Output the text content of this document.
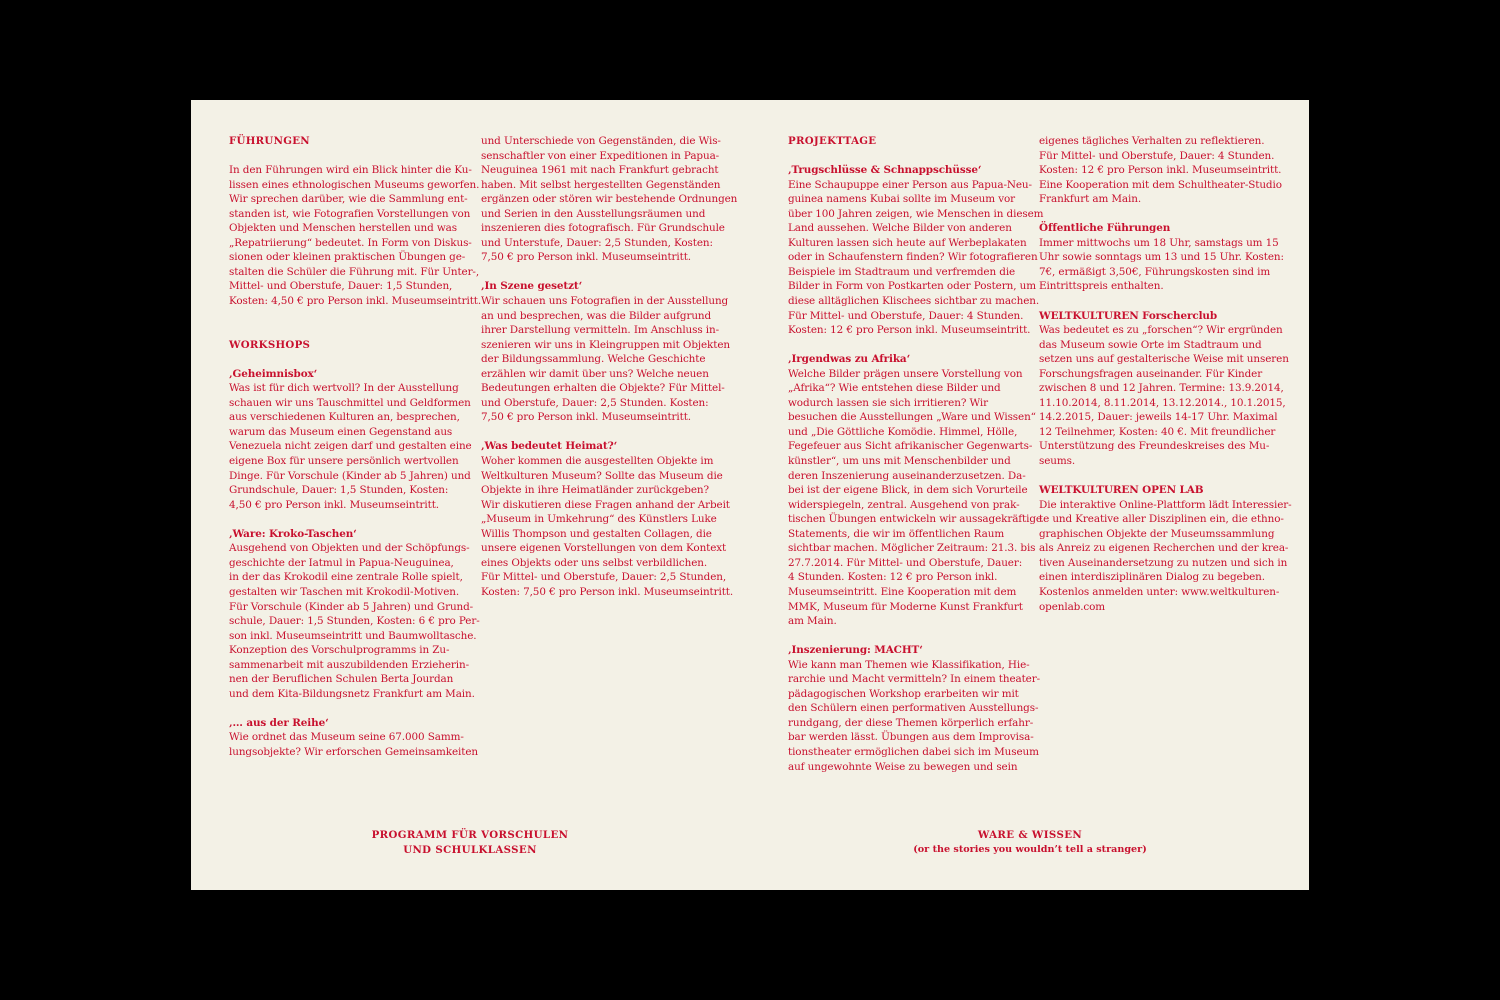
FÜHRUNGEN
In den Führungen wird ein Blick hinter die Ku-
lissen eines ethnologischen Museums geworfen.
Wir sprechen darüber, wie die Sammlung ent-
standen ist, wie Fotografien Vorstellungen von
Objekten und Menschen herstellen und was
„Repatriierung“ bedeutet. In Form von Diskus-
sionen oder kleinen praktischen Übungen ge-
stalten die Schüler die Führung mit. Für Unter-,
Mittel- und Oberstufe, Dauer: 1,5 Stunden,
Kosten: 4,50 € pro Person inkl. Museumseintritt.
WORKSHOPS
‚Geheimnisbox‘
Was ist für dich wertvoll? In der Ausstellung
schauen wir uns Tauschmittel und Geldformen
aus verschiedenen Kulturen an, besprechen,
warum das Museum einen Gegenstand aus
Venezuela nicht zeigen darf und gestalten eine
eigene Box für unsere persönlich wertvollen
Dinge. Für Vorschule (Kinder ab 5 Jahren) und
Grundschule, Dauer: 1,5 Stunden, Kosten:
4,50 € pro Person inkl. Museumseintritt.
‚Ware: Kroko-Taschen‘
Ausgehend von Objekten und der Schöpfungs-
geschichte der Iatmul in Papua-Neuguinea,
in der das Krokodil eine zentrale Rolle spielt,
gestalten wir Taschen mit Krokodil-Motiven.
Für Vorschule (Kinder ab 5 Jahren) und Grund-
schule, Dauer: 1,5 Stunden, Kosten: 6 € pro Per-
son inkl. Museumseintritt und Baumwolltasche.
Konzeption des Vorschulprogramms in Zu-
sammenarbeit mit auszubildenden Erzieherin-
nen der Beruflichen Schulen Berta Jourdan
und dem Kita-Bildungsnetz Frankfurt am Main.
‚… aus der Reihe‘
Wie ordnet das Museum seine 67.000 Samm-
lungsobjekte? Wir erforschen Gemeinsamkeiten
und Unterschiede von Gegenständen, die Wis-
senschaftler von einer Expeditionen in Papua-
Neuguinea 1961 mit nach Frankfurt gebracht
haben. Mit selbst hergestellten Gegenständen
ergänzen oder stören wir bestehende Ordnungen
und Serien in den Ausstellungsräumen und
inszenieren dies fotografisch. Für Grundschule
und Unterstufe, Dauer: 2,5 Stunden, Kosten:
7,50 € pro Person inkl. Museumseintritt.
‚In Szene gesetzt‘
Wir schauen uns Fotografien in der Ausstellung
an und besprechen, was die Bilder aufgrund
ihrer Darstellung vermitteln. Im Anschluss in-
szenieren wir uns in Kleingruppen mit Objekten
der Bildungssammlung. Welche Geschichte
erzählen wir damit über uns? Welche neuen
Bedeutungen erhalten die Objekte? Für Mittel-
und Oberstufe, Dauer: 2,5 Stunden. Kosten:
7,50 € pro Person inkl. Museumseintritt.
‚Was bedeutet Heimat?‘
Woher kommen die ausgestellten Objekte im
Weltkulturen Museum? Sollte das Museum die
Objekte in ihre Heimatländer zurückgeben?
Wir diskutieren diese Fragen anhand der Arbeit
„Museum in Umkehrung“ des Künstlers Luke
Willis Thompson und gestalten Collagen, die
unsere eigenen Vorstellungen von dem Kontext
eines Objekts oder uns selbst verbildlichen.
Für Mittel- und Oberstufe, Dauer: 2,5 Stunden,
Kosten: 7,50 € pro Person inkl. Museumseintritt.
PROJEKTTAGE
‚Trugschlüsse & Schnappschüsse‘
Eine Schaupuppe einer Person aus Papua-Neu-
guinea namens Kubai sollte im Museum vor
über 100 Jahren zeigen, wie Menschen in diesem
Land aussehen. Welche Bilder von anderen
Kulturen lassen sich heute auf Werbeplakaten
oder in Schaufenstern finden? Wir fotografieren
Beispiele im Stadtraum und verfremden die
Bilder in Form von Postkarten oder Postern, um
diese alltäglichen Klischees sichtbar zu machen.
Für Mittel- und Oberstufe, Dauer: 4 Stunden.
Kosten: 12 € pro Person inkl. Museumseintritt.
‚Irgendwas zu Afrika‘
Welche Bilder prägen unsere Vorstellung von
„Afrika“? Wie entstehen diese Bilder und
wodurch lassen sie sich irritieren? Wir
besuchen die Ausstellungen „Ware und Wissen“
und „Die Göttliche Komödie. Himmel, Hölle,
Fegefeuer aus Sicht afrikanischer Gegenwarts-
künstler“, um uns mit Menschenbilder und
deren Inszenierung auseinanderzusetzen. Da-
bei ist der eigene Blick, in dem sich Vorurteile
widerspiegeln, zentral. Ausgehend von prak-
tischen Übungen entwickeln wir aussagekräftige
Statements, die wir im öffentlichen Raum
sichtbar machen. Möglicher Zeitraum: 21.3. bis
27.7.2014. Für Mittel- und Oberstufe, Dauer:
4 Stunden. Kosten: 12 € pro Person inkl.
Museumseintritt. Eine Kooperation mit dem
MMK, Museum für Moderne Kunst Frankfurt
am Main.
‚Inszenierung: MACHT‘
Wie kann man Themen wie Klassifikation, Hie-
rarchie und Macht vermitteln? In einem theater-
pädagogischen Workshop erarbeiten wir mit
den Schülern einen performativen Ausstellungs-
rundgang, der diese Themen körperlich erfahr-
bar werden lässt. Übungen aus dem Improvisa-
tionstheater ermöglichen dabei sich im Museum
auf ungewohnte Weise zu bewegen und sein
eigenes tägliches Verhalten zu reflektieren.
Für Mittel- und Oberstufe, Dauer: 4 Stunden.
Kosten: 12 € pro Person inkl. Museumseintritt.
Eine Kooperation mit dem Schultheater-Studio
Frankfurt am Main.
Öffentliche Führungen
Immer mittwochs um 18 Uhr, samstags um 15
Uhr sowie sonntags um 13 und 15 Uhr. Kosten:
7€, ermäßigt 3,50€, Führungskosten sind im
Eintrittspreis enthalten.
WELTKULTUREN Forscherclub
Was bedeutet es zu „forschen“? Wir ergründen
das Museum sowie Orte im Stadtraum und
setzen uns auf gestalterische Weise mit unseren
Forschungsfragen auseinander. Für Kinder
zwischen 8 und 12 Jahren. Termine: 13.9.2014,
11.10.2014, 8.11.2014, 13.12.2014., 10.1.2015,
14.2.2015, Dauer: jeweils 14-17 Uhr. Maximal
12 Teilnehmer, Kosten: 40 €. Mit freundlicher
Unterstützung des Freundeskreises des Mu-
seums.
WELTKULTUREN OPEN LAB
Die interaktive Online-Plattform lädt Interessier-
te und Kreative aller Disziplinen ein, die ethno-
graphischen Objekte der Museumssammlung
als Anreiz zu eigenen Recherchen und der krea-
tiven Auseinandersetzung zu nutzen und sich in
einen interdisziplinären Dialog zu begeben.
Kostenlos anmelden unter: www.weltkulturen-
openlab.com
PROGRAMM FÜR VORSCHULEN
UND SCHULKLASSEN
WARE & WISSEN
(or the stories you wouldn’t tell a stranger)
